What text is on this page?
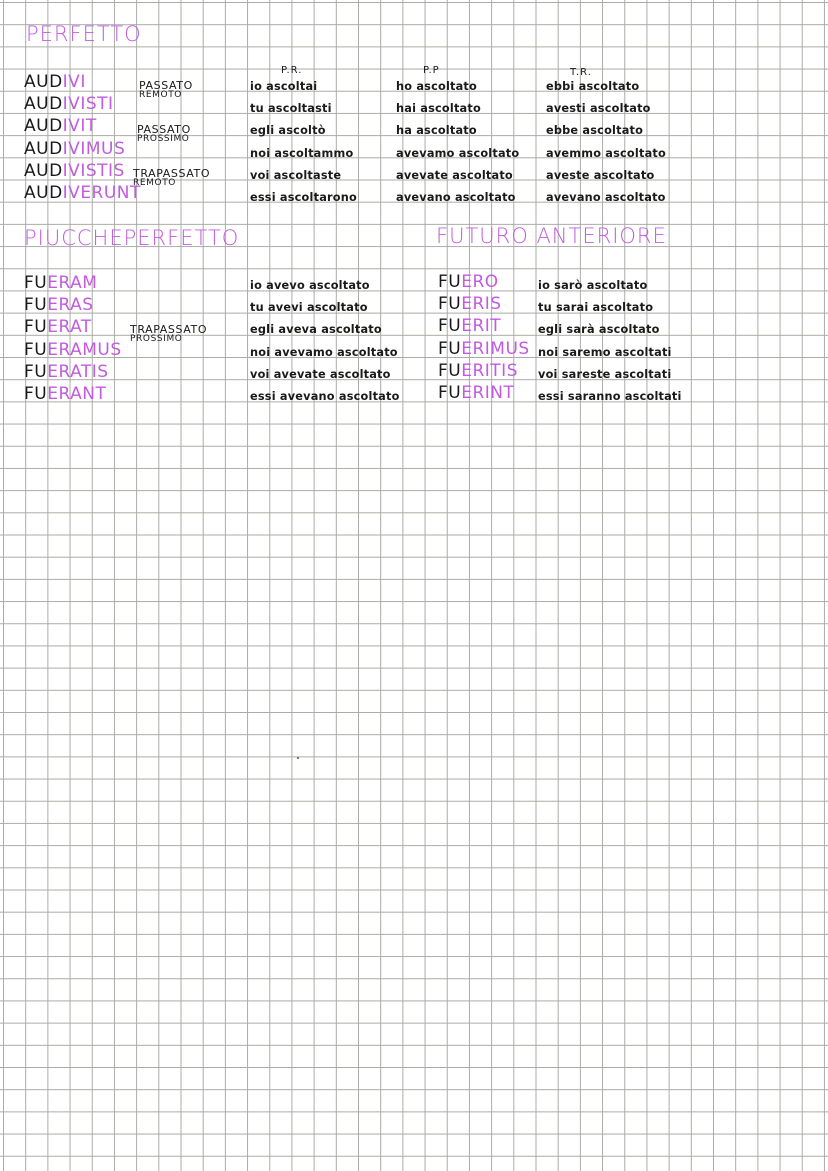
PERFETTO
AUDIVI
AUDIVISTI
AUDIVIT
AUDIVIMUS
AUDIVISTIS
AUDIVERUNT
PASSATO
REMOTO
PASSATO
PROSSIMO
TRAPASSATO
REMOTO
P.R.	P.P	T.R.
io ascoltai
tu ascoltasti
egli ascoltò
noi ascoltammo
voi ascoltaste
essi ascoltarono
ho ascoltato
hai ascoltato
ha ascoltato
avevamo ascoltato
avevate ascoltato
avevano ascoltato
ebbi ascoltato
avesti ascoltato
ebbe ascoltato
avemmo ascoltato
aveste ascoltato
avevano ascoltato
PIUCCHEPERFETTO
FUERAM
FUERAS
FUERAT
FUERAMUS
FUERATIS
FUERANT
TRAPASSATO
PROSSIMO
io avevo ascoltato
tu avevi ascoltato
egli aveva ascoltato
noi avevamo ascoltato
voi avevate ascoltato
essi avevano ascoltato
FUTURO ANTERIORE
FUERO
FUERIS
FUERIT
FUERIMUS
FUERITIS
FUERINT
io sarò ascoltato
tu sarai ascoltato
egli sarà ascoltato
noi saremo ascoltati
voi sareste ascoltati
essi saranno ascoltati
